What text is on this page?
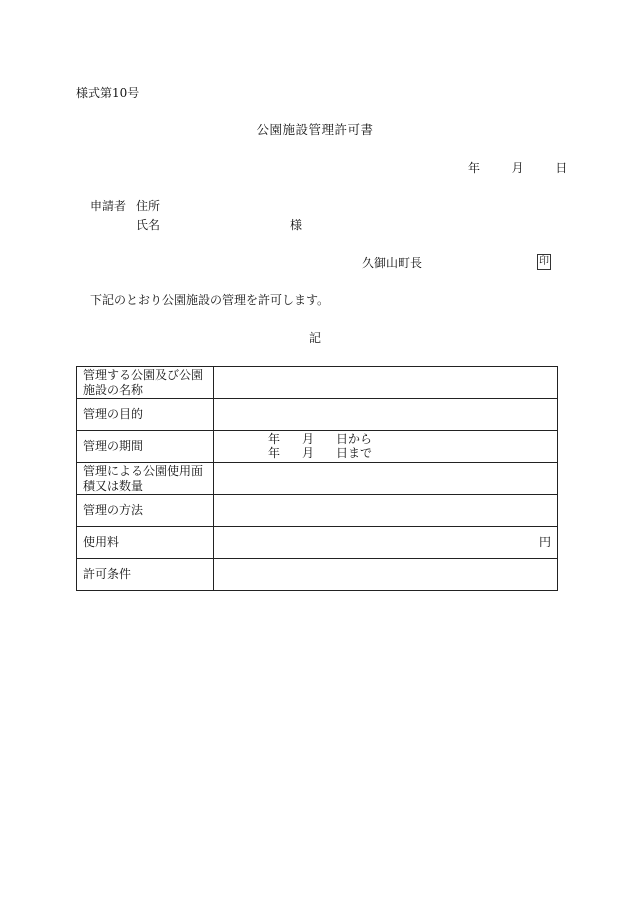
様式第10号
公園施設管理許可書
年	月	日
申請者 住所
氏名	様
久御山町長	印
下記のとおり公園施設の管理を許可します。
記
管理する公園及び公園施設の名称	
管理の目的	
管理の期間	年 月 日から
年 月 日まで

管理による公園使用面積又は数量	
管理の方法	
使用料	円

許可条件	
